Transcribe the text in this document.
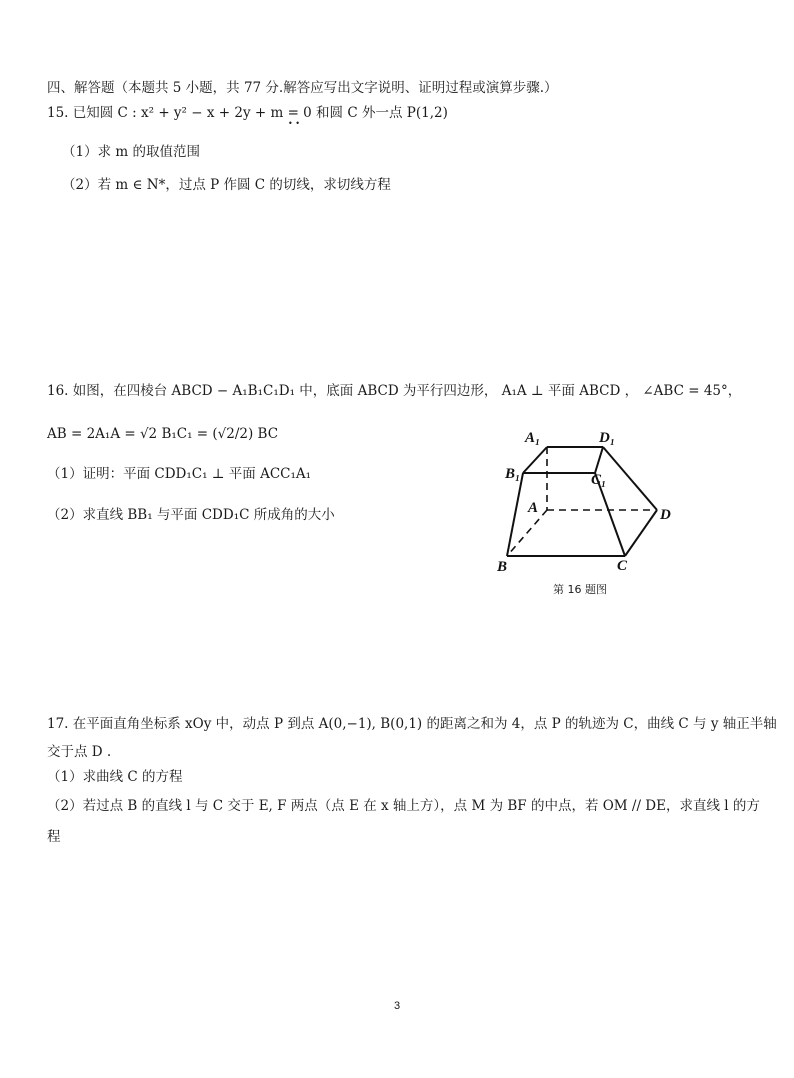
四、解答题（本题共 5 小题，共 77 分.解答应写出文字说明、证明过程或演算步骤.）
15. 已知圆 C : x² + y² − x + 2y + m = 0 和圆 C 外一点 P(1,2)
• •
（1）求 m 的取值范围
（2）若 m ∈ N*，过点 P 作圆 C 的切线，求切线方程
16. 如图，在四棱台 ABCD − A₁B₁C₁D₁ 中，底面 ABCD 为平行四边形， A₁A ⊥ 平面 ABCD ， ∠ABC = 45°，
AB = 2A₁A = √2 B₁C₁ = (√2/2) BC
（1）证明：平面 CDD₁C₁ ⊥ 平面 ACC₁A₁
（2）求直线 BB₁ 与平面 CDD₁C 所成角的大小
A₁	D₁
B₁	C₁
A	D
B	C
第 16 题图
17. 在平面直角坐标系 xOy 中，动点 P 到点 A(0,−1), B(0,1) 的距离之和为 4，点 P 的轨迹为 C，曲线 C 与 y 轴正半轴
交于点 D .
（1）求曲线 C 的方程
（2）若过点 B 的直线 l 与 C 交于 E, F 两点（点 E 在 x 轴上方），点 M 为 BF 的中点，若 OM // DE，求直线 l 的方
程
3
